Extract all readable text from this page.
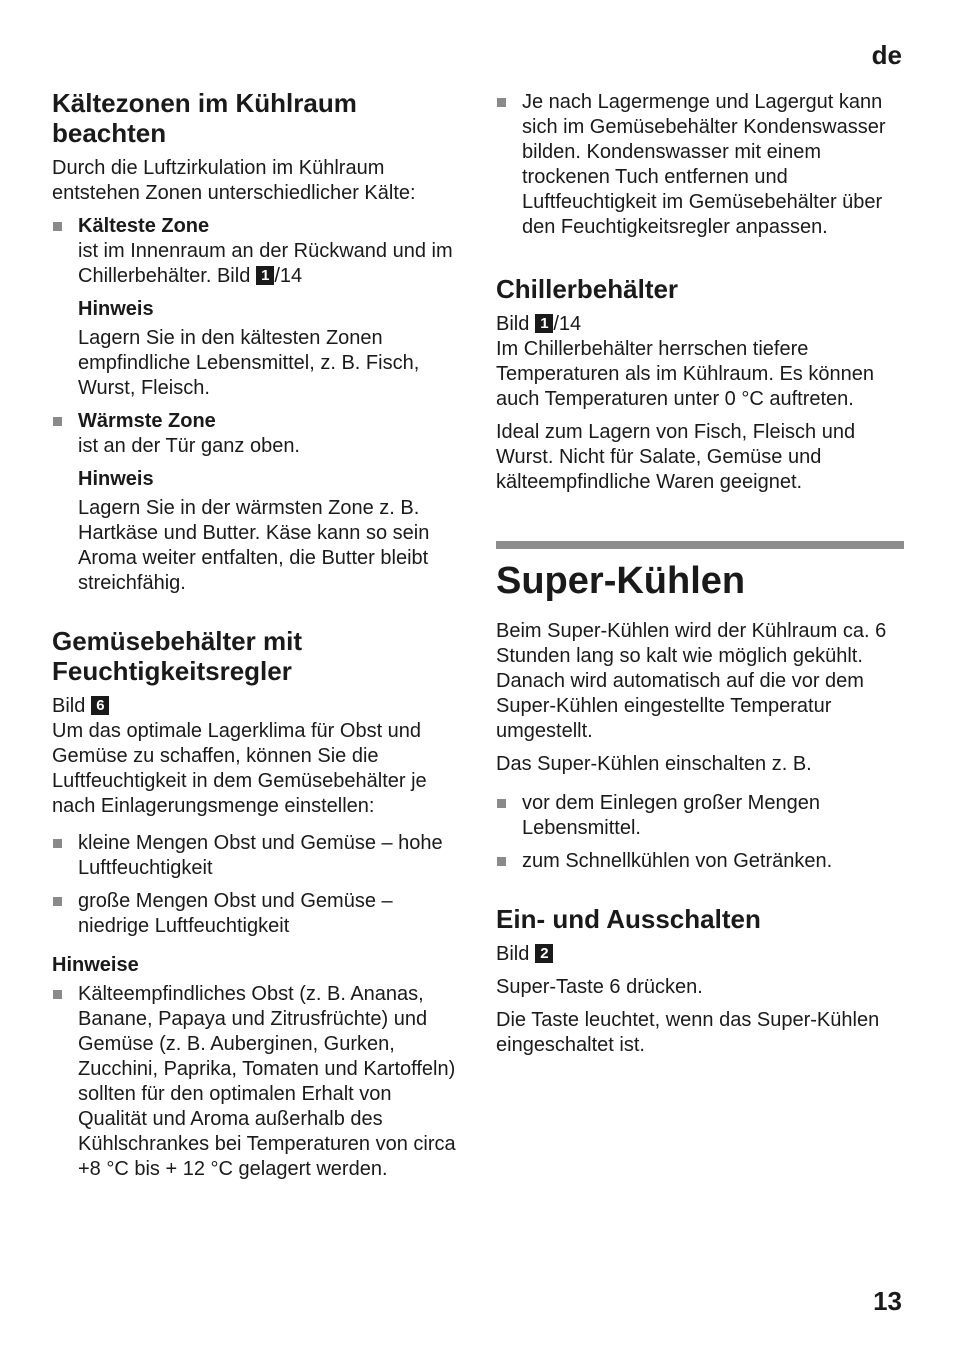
de
Kältezonen im Kühlraum beachten

Durch die Luftzirkulation im Kühlraum entstehen Zonen unterschiedlicher Kälte:

Kälteste Zone
ist im Innenraum an der Rückwand und im Chillerbehälter. Bild 1 /14
Hinweis

Lagern Sie in den kältesten Zonen empfindliche Lebensmittel, z. B. Fisch, Wurst, Fleisch.

Wärmste Zone
ist an der Tür ganz oben.
Hinweis

Lagern Sie in der wärmsten Zone z. B. Hartkäse und Butter. Käse kann so sein Aroma weiter entfalten, die Butter bleibt streichfähig.

Gemüsebehälter mit Feuchtigkeitsregler

Bild 6

Um das optimale Lagerklima für Obst und Gemüse zu schaffen, können Sie die Luftfeuchtigkeit in dem Gemüsebehälter je nach Einlagerungsmenge einstellen:

kleine Mengen Obst und Gemüse – hohe Luftfeuchtigkeit
große Mengen Obst und Gemüse – niedrige Luftfeuchtigkeit
Hinweise
Kälteempfindliches Obst (z. B. Ananas, Banane, Papaya und Zitrusfrüchte) und Gemüse (z. B. Auberginen, Gurken, Zucchini, Paprika, Tomaten und Kartoffeln) sollten für den optimalen Erhalt von Qualität und Aroma außerhalb des Kühlschrankes bei Temperaturen von circa +8 °C bis + 12 °C gelagert werden.
Je nach Lagermenge und Lagergut kann sich im Gemüsebehälter Kondenswasser bilden. Kondenswasser mit einem trockenen Tuch entfernen und Luftfeuchtigkeit im Gemüsebehälter über den Feuchtigkeitsregler anpassen.
Chillerbehälter

Bild 1 /14

Im Chillerbehälter herrschen tiefere Temperaturen als im Kühlraum. Es können auch Temperaturen unter 0 °C auftreten.

Ideal zum Lagern von Fisch, Fleisch und Wurst. Nicht für Salate, Gemüse und kälteempfindliche Waren geeignet.

Super-Kühlen

Beim Super-Kühlen wird der Kühlraum ca. 6 Stunden lang so kalt wie möglich gekühlt. Danach wird automatisch auf die vor dem Super-Kühlen eingestellte Temperatur umgestellt.

Das Super-Kühlen einschalten z. B.

vor dem Einlegen großer Mengen Lebensmittel.
zum Schnellkühlen von Getränken.
Ein- und Ausschalten

Bild 2

Super-Taste 6 drücken.

Die Taste leuchtet, wenn das Super-Kühlen eingeschaltet ist.

13
